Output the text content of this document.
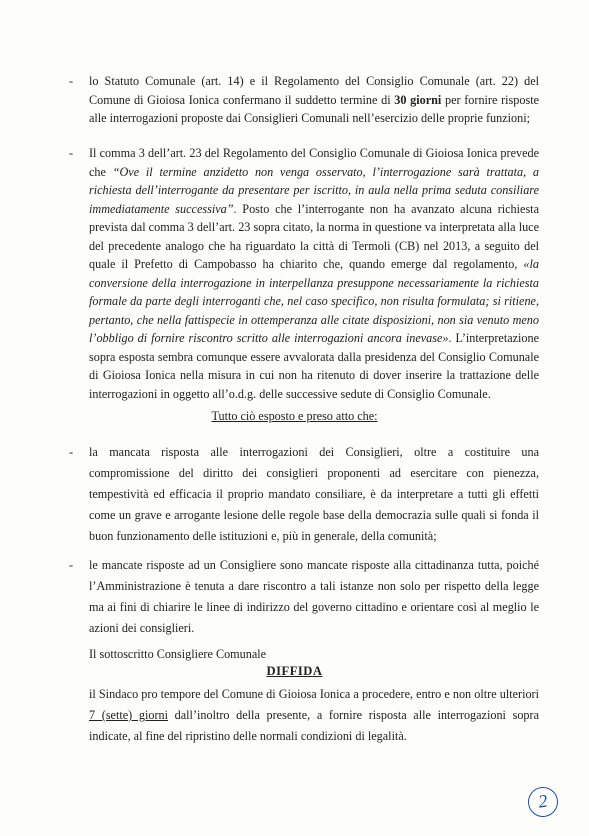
- lo Statuto Comunale (art. 14) e il Regolamento del Consiglio Comunale (art. 22) del Comune di Gioiosa Ionica confermano il suddetto termine di 30 giorni per fornire risposte alle interrogazioni proposte dai Consiglieri Comunali nell’esercizio delle proprie funzioni;
- Il comma 3 dell’art. 23 del Regolamento del Consiglio Comunale di Gioiosa Ionica prevede che “Ove il termine anzidetto non venga osservato, l’interrogazione sarà trattata, a richiesta dell’interrogante da presentare per iscritto, in aula nella prima seduta consiliare immediatamente successiva”. Posto che l’interrogante non ha avanzato alcuna richiesta prevista dal comma 3 dell’art. 23 sopra citato, la norma in questione va interpretata alla luce del precedente analogo che ha riguardato la città di Termoli (CB) nel 2013, a seguito del quale il Prefetto di Campobasso ha chiarito che, quando emerge dal regolamento, «la conversione della interrogazione in interpellanza presuppone necessariamente la richiesta formale da parte degli interroganti che, nel caso specifico, non risulta formulata; si ritiene, pertanto, che nella fattispecie in ottemperanza alle citate disposizioni, non sia venuto meno l’obbligo di fornire riscontro scritto alle interrogazioni ancora inevase». L’interpretazione sopra esposta sembra comunque essere avvalorata dalla presidenza del Consiglio Comunale di Gioiosa Ionica nella misura in cui non ha ritenuto di dover inserire la trattazione delle interrogazioni in oggetto all’o.d.g. delle successive sedute di Consiglio Comunale.
Tutto ciò esposto e preso atto che:
- la mancata risposta alle interrogazioni dei Consiglieri, oltre a costituire una compromissione del diritto dei consiglieri proponenti ad esercitare con pienezza, tempestività ed efficacia il proprio mandato consiliare, è da interpretare a tutti gli effetti come un grave e arrogante lesione delle regole base della democrazia sulle quali si fonda il buon funzionamento delle istituzioni e, più in generale, della comunità;
- le mancate risposte ad un Consigliere sono mancate risposte alla cittadinanza tutta, poiché l’Amministrazione è tenuta a dare riscontro a tali istanze non solo per rispetto della legge ma ai fini di chiarire le linee di indirizzo del governo cittadino e orientare così al meglio le azioni dei consiglieri.
Il sottoscritto Consigliere Comunale
DIFFIDA
il Sindaco pro tempore del Comune di Gioiosa Ionica a procedere, entro e non oltre ulteriori 7 (sette) giorni dall’inoltro della presente, a fornire risposta alle interrogazioni sopra indicate, al fine del ripristino delle normali condizioni di legalità.
2
